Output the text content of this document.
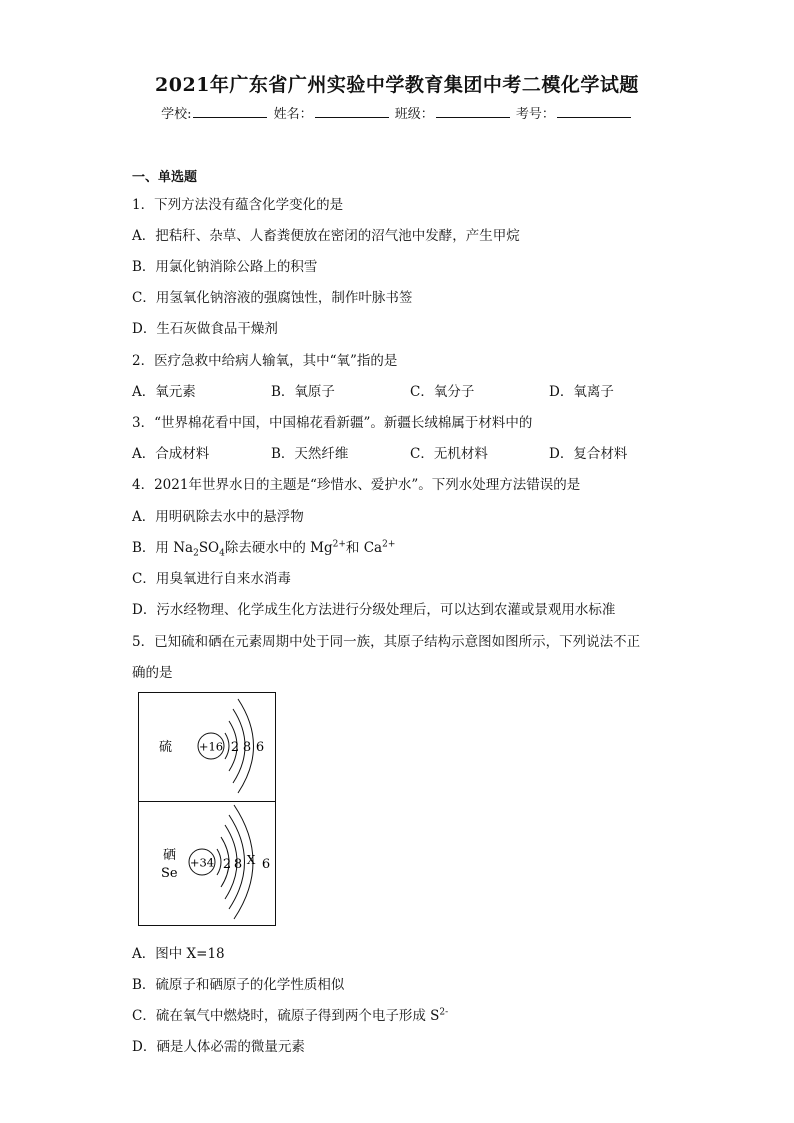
2021年广东省广州实验中学教育集团中考二模化学试题
学校:	姓名：	班级：	考号：
一、单选题
1．下列方法没有蕴含化学变化的是
A．把秸秆、杂草、人畜粪便放在密闭的沼气池中发酵，产生甲烷
B．用氯化钠消除公路上的积雪
C．用氢氧化钠溶液的强腐蚀性，制作叶脉书签
D．生石灰做食品干燥剂
2．医疗急救中给病人输氧，其中“氧”指的是
A．氧元素	B．氧原子	C．氧分子	D．氧离子
3．“世界棉花看中国，中国棉花看新疆”。新疆长绒棉属于材料中的
A．合成材料	B．天然纤维	C．无机材料	D．复合材料
4．2021年世界水日的主题是“珍惜水、爱护水”。下列水处理方法错误的是
A．用明矾除去水中的悬浮物
B．用 $Na_2SO_4$除去硬水中的 $Mg^{2+}$和 $Ca^{2+}$
C．用臭氧进行自来水消毒
D．污水经物理、化学成生化方法进行分级处理后，可以达到农灌或景观用水标准
5．已知硫和硒在元素周期中处于同一族，其原子结构示意图如图所示，下列说法不正
确的是
硫 +16 2 8 6
硒
Se
+34 2 8 X 6
A．图中 X=18
B．硫原子和硒原子的化学性质相似
C．硫在氧气中燃烧时，硫原子得到两个电子形成 $S^{2-}$
D．硒是人体必需的微量元素
